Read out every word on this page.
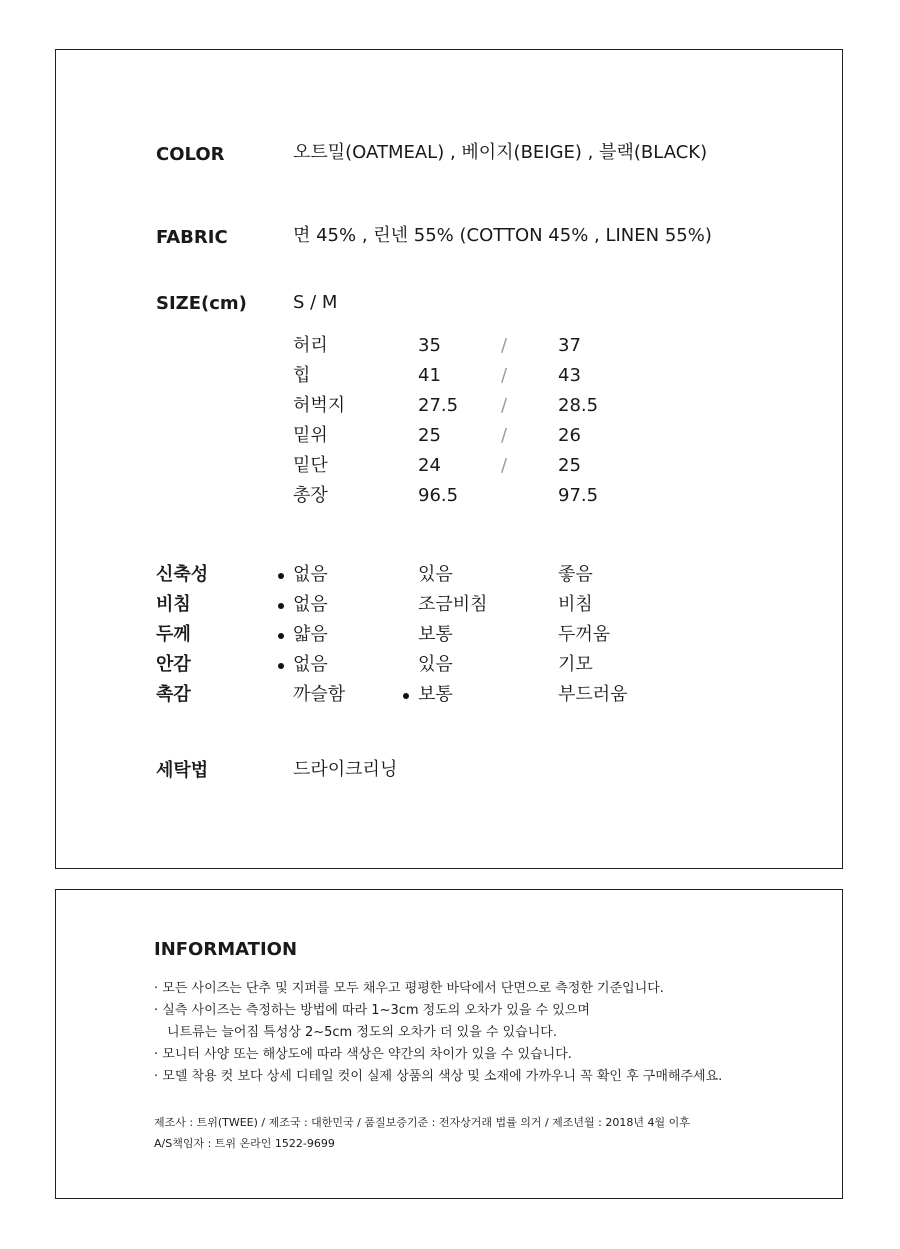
COLOR	오트밀(OATMEAL) , 베이지(BEIGE) , 블랙(BLACK)
FABRIC	면 45% , 린넨 55% (COTTON 45% , LINEN 55%)
SIZE(cm)	S / M
허리	35	/	37
힙	41	/	43
허벅지	27.5 /	28.5
밑위	25	/	26
밑단	24	/	25
총장	96.5	97.5
신축성	없음	있음	좋음
비침	없음	조금비침	비침
두께	얇음	보통	두꺼움
안감	없음	있음	기모
촉감	까슬함	보통	부드러움
세탁법	드라이크리닝
INFORMATION
· 모든 사이즈는 단추 및 지퍼를 모두 채우고 평평한 바닥에서 단면으로 측정한 기준입니다.
· 실측 사이즈는 측정하는 방법에 따라 1~3cm 정도의 오차가 있을 수 있으며
니트류는 늘어짐 특성상 2~5cm 정도의 오차가 더 있을 수 있습니다.
· 모니터 사양 또는 해상도에 따라 색상은 약간의 차이가 있을 수 있습니다.
· 모델 착용 컷 보다 상세 디테일 컷이 실제 상품의 색상 및 소재에 가까우니 꼭 확인 후 구매해주세요.
제조사 : 트위(TWEE) / 제조국 : 대한민국 / 품질보증기준 : 전자상거래 법률 의거 / 제조년월 : 2018년 4월 이후
A/S책임자 : 트위 온라인 1522-9699
